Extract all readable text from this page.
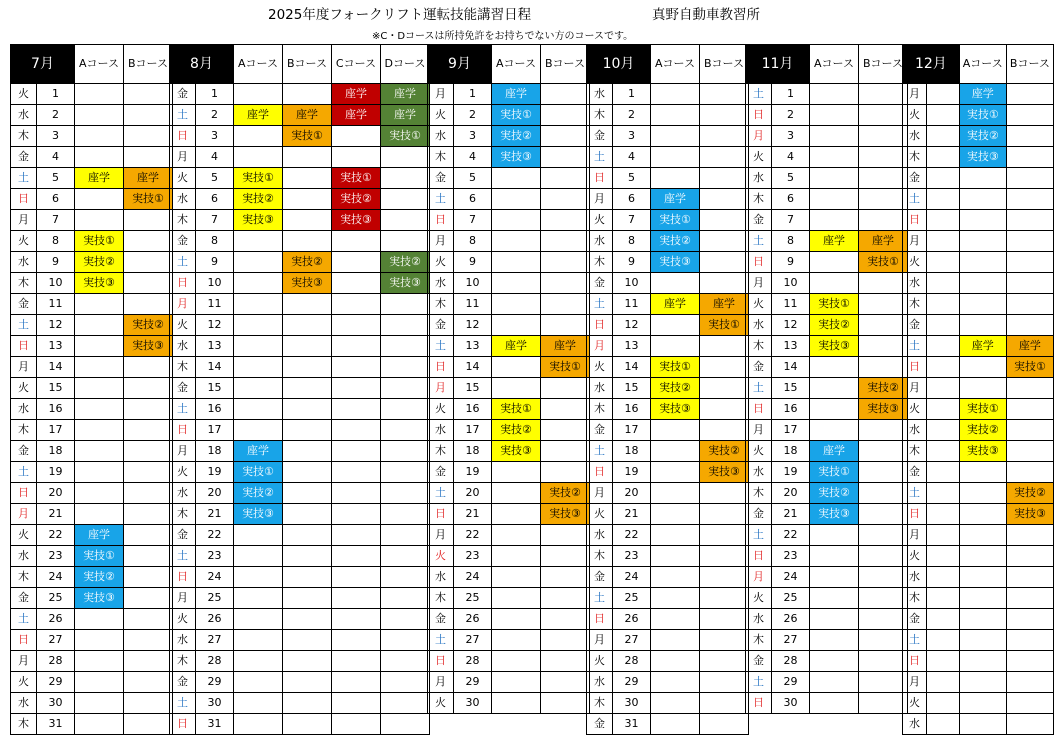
2025年度フォークリフト運転技能講習日程	真野自動車教習所
※C・Dコースは所持免許をお持ちでない方のコースです。
7月		Aコース	Bコース
火	1		
水	2		
木	3		
金	4		
土	5	座学	座学
日	6		実技①
月	7		
火	8	実技①	
水	9	実技②	
木	10	実技③	
金	11		
土	12		実技②
日	13		実技③
月	14		
火	15		
水	16		
木	17		
金	18		
土	19		
日	20		
月	21		
火	22	座学	
水	23	実技①	
木	24	実技②	
金	25	実技③	
土	26		
日	27		
月	28		
火	29		
水	30		
木	31		
8月		Aコース	Bコース	Cコース	Dコース
金	1			座学	座学
土	2	座学	座学	座学	座学
日	3		実技①		実技①
月	4				
火	5	実技①		実技①	
水	6	実技②		実技②	
木	7	実技③		実技③	
金	8				
土	9		実技②		実技②
日	10		実技③		実技③
月	11				
火	12				
水	13				
木	14				
金	15				
土	16				
日	17				
月	18	座学			
火	19	実技①			
水	20	実技②			
木	21	実技③			
金	22				
土	23				
日	24				
月	25				
火	26				
水	27				
木	28				
金	29				
土	30				
日	31				
9月		Aコース	Bコース
月	1	座学	
火	2	実技①	
水	3	実技②	
木	4	実技③	
金	5		
土	6		
日	7		
月	8		
火	9		
水	10		
木	11		
金	12		
土	13	座学	座学
日	14		実技①
月	15		
火	16	実技①	
水	17	実技②	
木	18	実技③	
金	19		
土	20		実技②
日	21		実技③
月	22		
火	23		
水	24		
木	25		
金	26		
土	27		
日	28		
月	29		
火	30		
10月		Aコース	Bコース
水	1		
木	2		
金	3		
土	4		
日	5		
月	6	座学	
火	7	実技①	
水	8	実技②	
木	9	実技③	
金	10		
土	11	座学	座学
日	12		実技①
月	13		
火	14	実技①	
水	15	実技②	
木	16	実技③	
金	17		
土	18		実技②
日	19		実技③
月	20		
火	21		
水	22		
木	23		
金	24		
土	25		
日	26		
月	27		
火	28		
水	29		
木	30		
金	31		
11月		Aコース	Bコース
土	1		
日	2		
月	3		
火	4		
水	5		
木	6		
金	7		
土	8	座学	座学
日	9		実技①
月	10		
火	11	実技①	
水	12	実技②	
木	13	実技③	
金	14		
土	15		実技②
日	16		実技③
月	17		
火	18	座学	
水	19	実技①	
木	20	実技②	
金	21	実技③	
土	22		
日	23		
月	24		
火	25		
水	26		
木	27		
金	28		
土	29		
日	30		
12月		Aコース	Bコース
月		座学	
火		実技①	
水		実技②	
木		実技③	
金			
土			
日			
月			
火			
水			
木			
金			
土		座学	座学
日			実技①
月			
火		実技①	
水		実技②	
木		実技③	
金			
土			実技②
日			実技③
月			
火			
水			
木			
金			
土			
日			
月			
火			
水			
